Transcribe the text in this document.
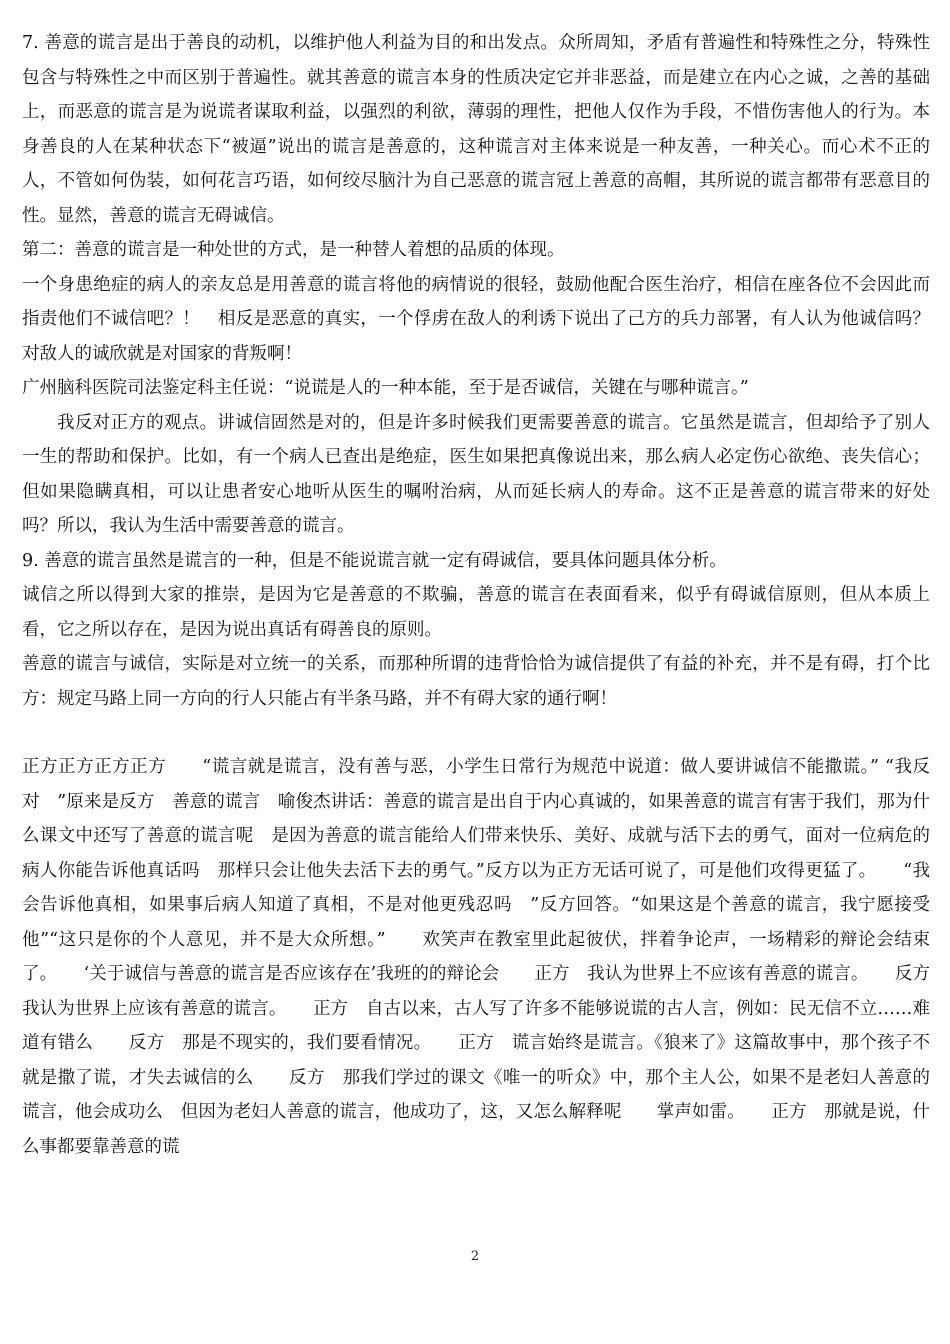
7. 善意的谎言是出于善良的动机，以维护他人利益为目的和出发点。众所周知，矛盾有普遍性和特殊性之分，特殊性包含与特殊性之中而区别于普遍性。就其善意的谎言本身的性质决定它并非恶益，而是建立在内心之诚，之善的基础上，而恶意的谎言是为说谎者谋取利益，以强烈的利欲，薄弱的理性，把他人仅作为手段，不惜伤害他人的行为。本身善良的人在某种状态下“被逼”说出的谎言是善意的，这种谎言对主体来说是一种友善，一种关心。而心术不正的人，不管如何伪装，如何花言巧语，如何绞尽脑汁为自己恶意的谎言冠上善意的高帽，其所说的谎言都带有恶意目的性。显然，善意的谎言无碍诚信。

第二：善意的谎言是一种处世的方式，是一种替人着想的品质的体现。

一个身患绝症的病人的亲友总是用善意的谎言将他的病情说的很轻，鼓励他配合医生治疗，相信在座各位不会因此而指责他们不诚信吧？！　相反是恶意的真实，一个俘虏在敌人的利诱下说出了己方的兵力部署，有人认为他诚信吗？对敌人的诚欣就是对国家的背叛啊！

广州脑科医院司法鉴定科主任说：“说谎是人的一种本能，至于是否诚信，关键在与哪种谎言。”

我反对正方的观点。讲诚信固然是对的，但是许多时候我们更需要善意的谎言。它虽然是谎言，但却给予了别人一生的帮助和保护。比如，有一个病人已查出是绝症，医生如果把真像说出来，那么病人必定伤心欲绝、丧失信心；但如果隐瞒真相，可以让患者安心地听从医生的嘱咐治病，从而延长病人的寿命。这不正是善意的谎言带来的好处吗？所以，我认为生活中需要善意的谎言。

9. 善意的谎言虽然是谎言的一种，但是不能说谎言就一定有碍诚信，要具体问题具体分析。

诚信之所以得到大家的推崇，是因为它是善意的不欺骗，善意的谎言在表面看来，似乎有碍诚信原则，但从本质上看，它之所以存在，是因为说出真话有碍善良的原则。

善意的谎言与诚信，实际是对立统一的关系，而那种所谓的违背恰恰为诚信提供了有益的补充，并不是有碍，打个比方：规定马路上同一方向的行人只能占有半条马路，并不有碍大家的通行啊！

正方正方正方正方　　“谎言就是谎言，没有善与恶，小学生日常行为规范中说道：做人要讲诚信不能撒谎。” “我反对　”原来是反方　善意的谎言　喻俊杰讲话：善意的谎言是出自于内心真诚的，如果善意的谎言有害于我们，那为什么课文中还写了善意的谎言呢　是因为善意的谎言能给人们带来快乐、美好、成就与活下去的勇气，面对一位病危的病人你能告诉他真话吗　那样只会让他失去活下去的勇气。”反方以为正方无话可说了，可是他们攻得更猛了。　　“我会告诉他真相，如果事后病人知道了真相，不是对他更残忍吗　”反方回答。“如果这是个善意的谎言，我宁愿接受他”“这只是你的个人意见，并不是大众所想。”　　欢笑声在教室里此起彼伏，拌着争论声，一场精彩的辩论会结束了。　　‘关于诚信与善意的谎言是否应该存在’我班的的辩论会　　正方　我认为世界上不应该有善意的谎言。　　反方　我认为世界上应该有善意的谎言。　　正方　自古以来，古人写了许多不能够说谎的古人言，例如：民无信不立……难道有错么　　反方　那是不现实的，我们要看情况。　　正方　谎言始终是谎言。《狼来了》这篇故事中，那个孩子不就是撒了谎，才失去诚信的么　　反方　那我们学过的课文《唯一的听众》中，那个主人公，如果不是老妇人善意的谎言，他会成功么　但因为老妇人善意的谎言，他成功了，这，又怎么解释呢　　掌声如雷。　　正方　那就是说，什么事都要靠善意的谎

2
